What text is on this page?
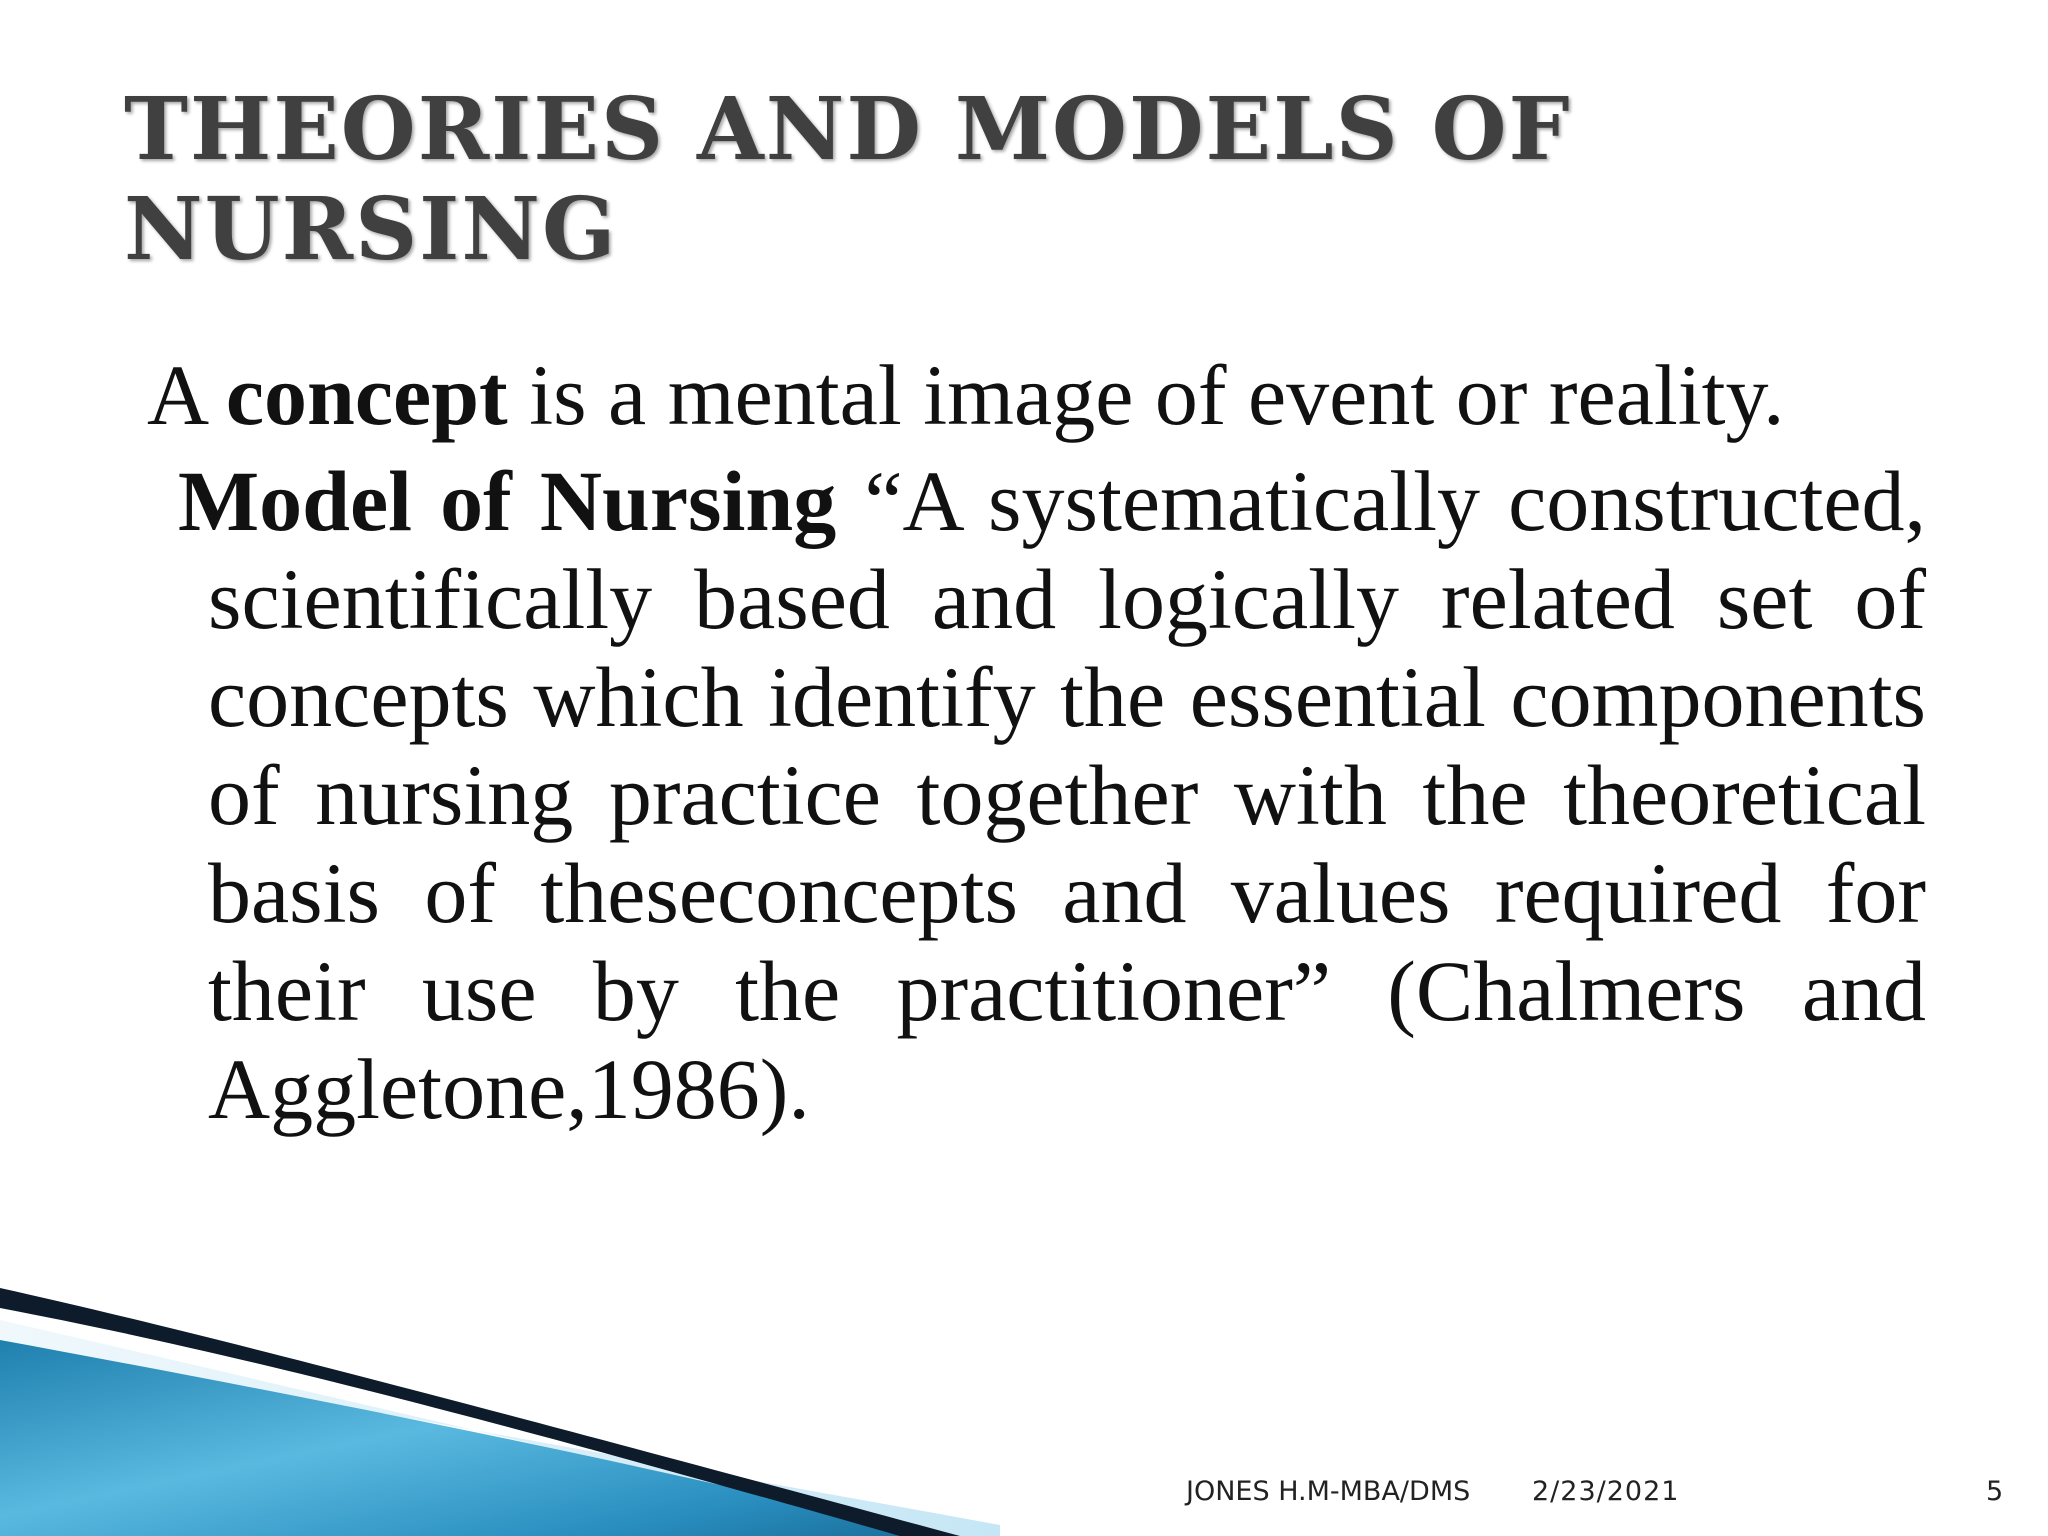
THEORIES AND MODELS OF NURSING

A concept is a mental image of event or reality.

Model of Nursing “A systematically constructed, scientifically based and logically related set of concepts which identify the essential components of nursing practice together with the theoretical basis of theseconcepts and values required for their use by the practitioner” (Chalmers and Aggletone,1986).

JONES H.M-MBA/DMS 2/23/2021	5
